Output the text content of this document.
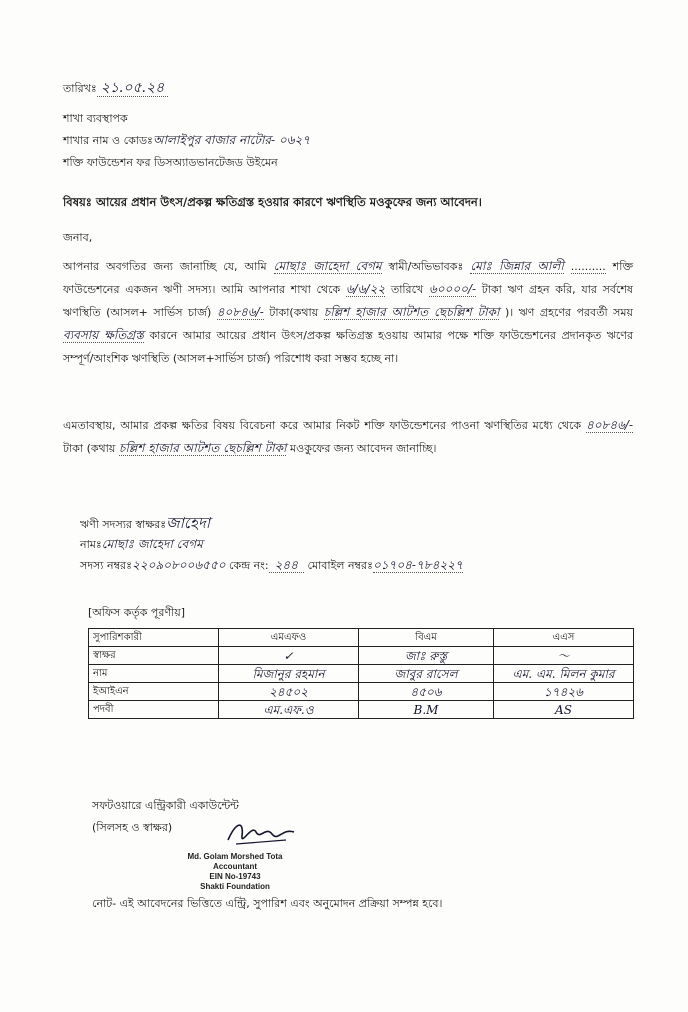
তারিখঃ ২১.০৫.২৪
শাখা ব্যবস্থাপক
শাখার নাম ও কোডঃআলাইপুর বাজার নাটোর- ০৬২৭
শক্তি ফাউন্ডেশন ফর ডিসঅ্যাডভানটেজড উইমেন
বিষয়ঃ আয়ের প্রধান উৎস/প্রকল্প ক্ষতিগ্রস্ত হওয়ার কারণে ঋণস্থিতি মওকুফের জন্য আবেদন।
জনাব,
আপনার অবগতির জন্য জানাচ্ছি যে, আমি মোছাঃ জাহেদা বেগম স্বামী/অভিভাবকঃ মোঃ জিন্নার আলী .......... শক্তি ফাউন্ডেশনের একজন ঋণী সদস্য। আমি আপনার শাখা থেকে ৬/৬/২২ তারিখে ৬০০০০/- টাকা ঋণ গ্রহন করি, যার সর্বশেষ ঋণস্থিতি (আসল+ সার্ভিস চার্জ) ৪০৮৪৬/- টাকা(কথায় চল্লিশ হাজার আটশত ছেচল্লিশ টাকা )। ঋণ গ্রহণের পরবর্তী সময় ব্যবসায় ক্ষতিগ্রস্ত কারনে আমার আয়ের প্রধান উৎস/প্রকল্প ক্ষতিগ্রস্ত হওয়ায় আমার পক্ষে শক্তি ফাউন্ডেশনের প্রদানকৃত ঋণের সম্পূর্ণ/আংশিক ঋণস্থিতি (আসল+সার্ভিস চার্জ) পরিশোধ করা সম্ভব হচ্ছে না।
এমতাবস্থায়, আমার প্রকল্প ক্ষতির বিষয় বিবেচনা করে আমার নিকট শক্তি ফাউন্ডেশনের পাওনা ঋণস্থিতির মধ্যে থেকে ৪০৮৪৬/- টাকা (কথায় চল্লিশ হাজার আটশত ছেচল্লিশ টাকা মওকুফের জন্য আবেদন জানাচ্ছি।
ঋণী সদস্যর স্বাক্ষরঃজাহেদা
নামঃমোছাঃ জাহেদা বেগম
সদস্য নম্বরঃ২২০৯০৮০০৬৫৫০ কেন্দ্র নং: ২৪৪ মোবাইল নম্বরঃ০১৭০৪-৭৮৪২২৭
[অফিস কর্তৃক পূরণীয়]
সুপারিশকারী	এমএফও	বিএম	এএস
স্বাক্ষর	✓	জাঃ রুস্তু	〜
নাম	মিজানুর রহমান	জাবুর রাসেল	এম. এম. মিলন কুমার
ইআইএন	২৪৫০২	৪৫০৬	১৭৪২৬
পদবী	এম.এফ.ও	B.M	AS
সফটওয়ারে এন্ট্রিকারী একাউন্টেন্ট
(সিলসহ ও স্বাক্ষর)
Md. Golam Morshed Tota
Accountant
EIN No-19743
Shakti Foundation
নোট- এই আবেদনের ভিত্তিতে এন্ট্রি, সুপারিশ এবং অনুমোদন প্রক্রিয়া সম্পন্ন হবে।
